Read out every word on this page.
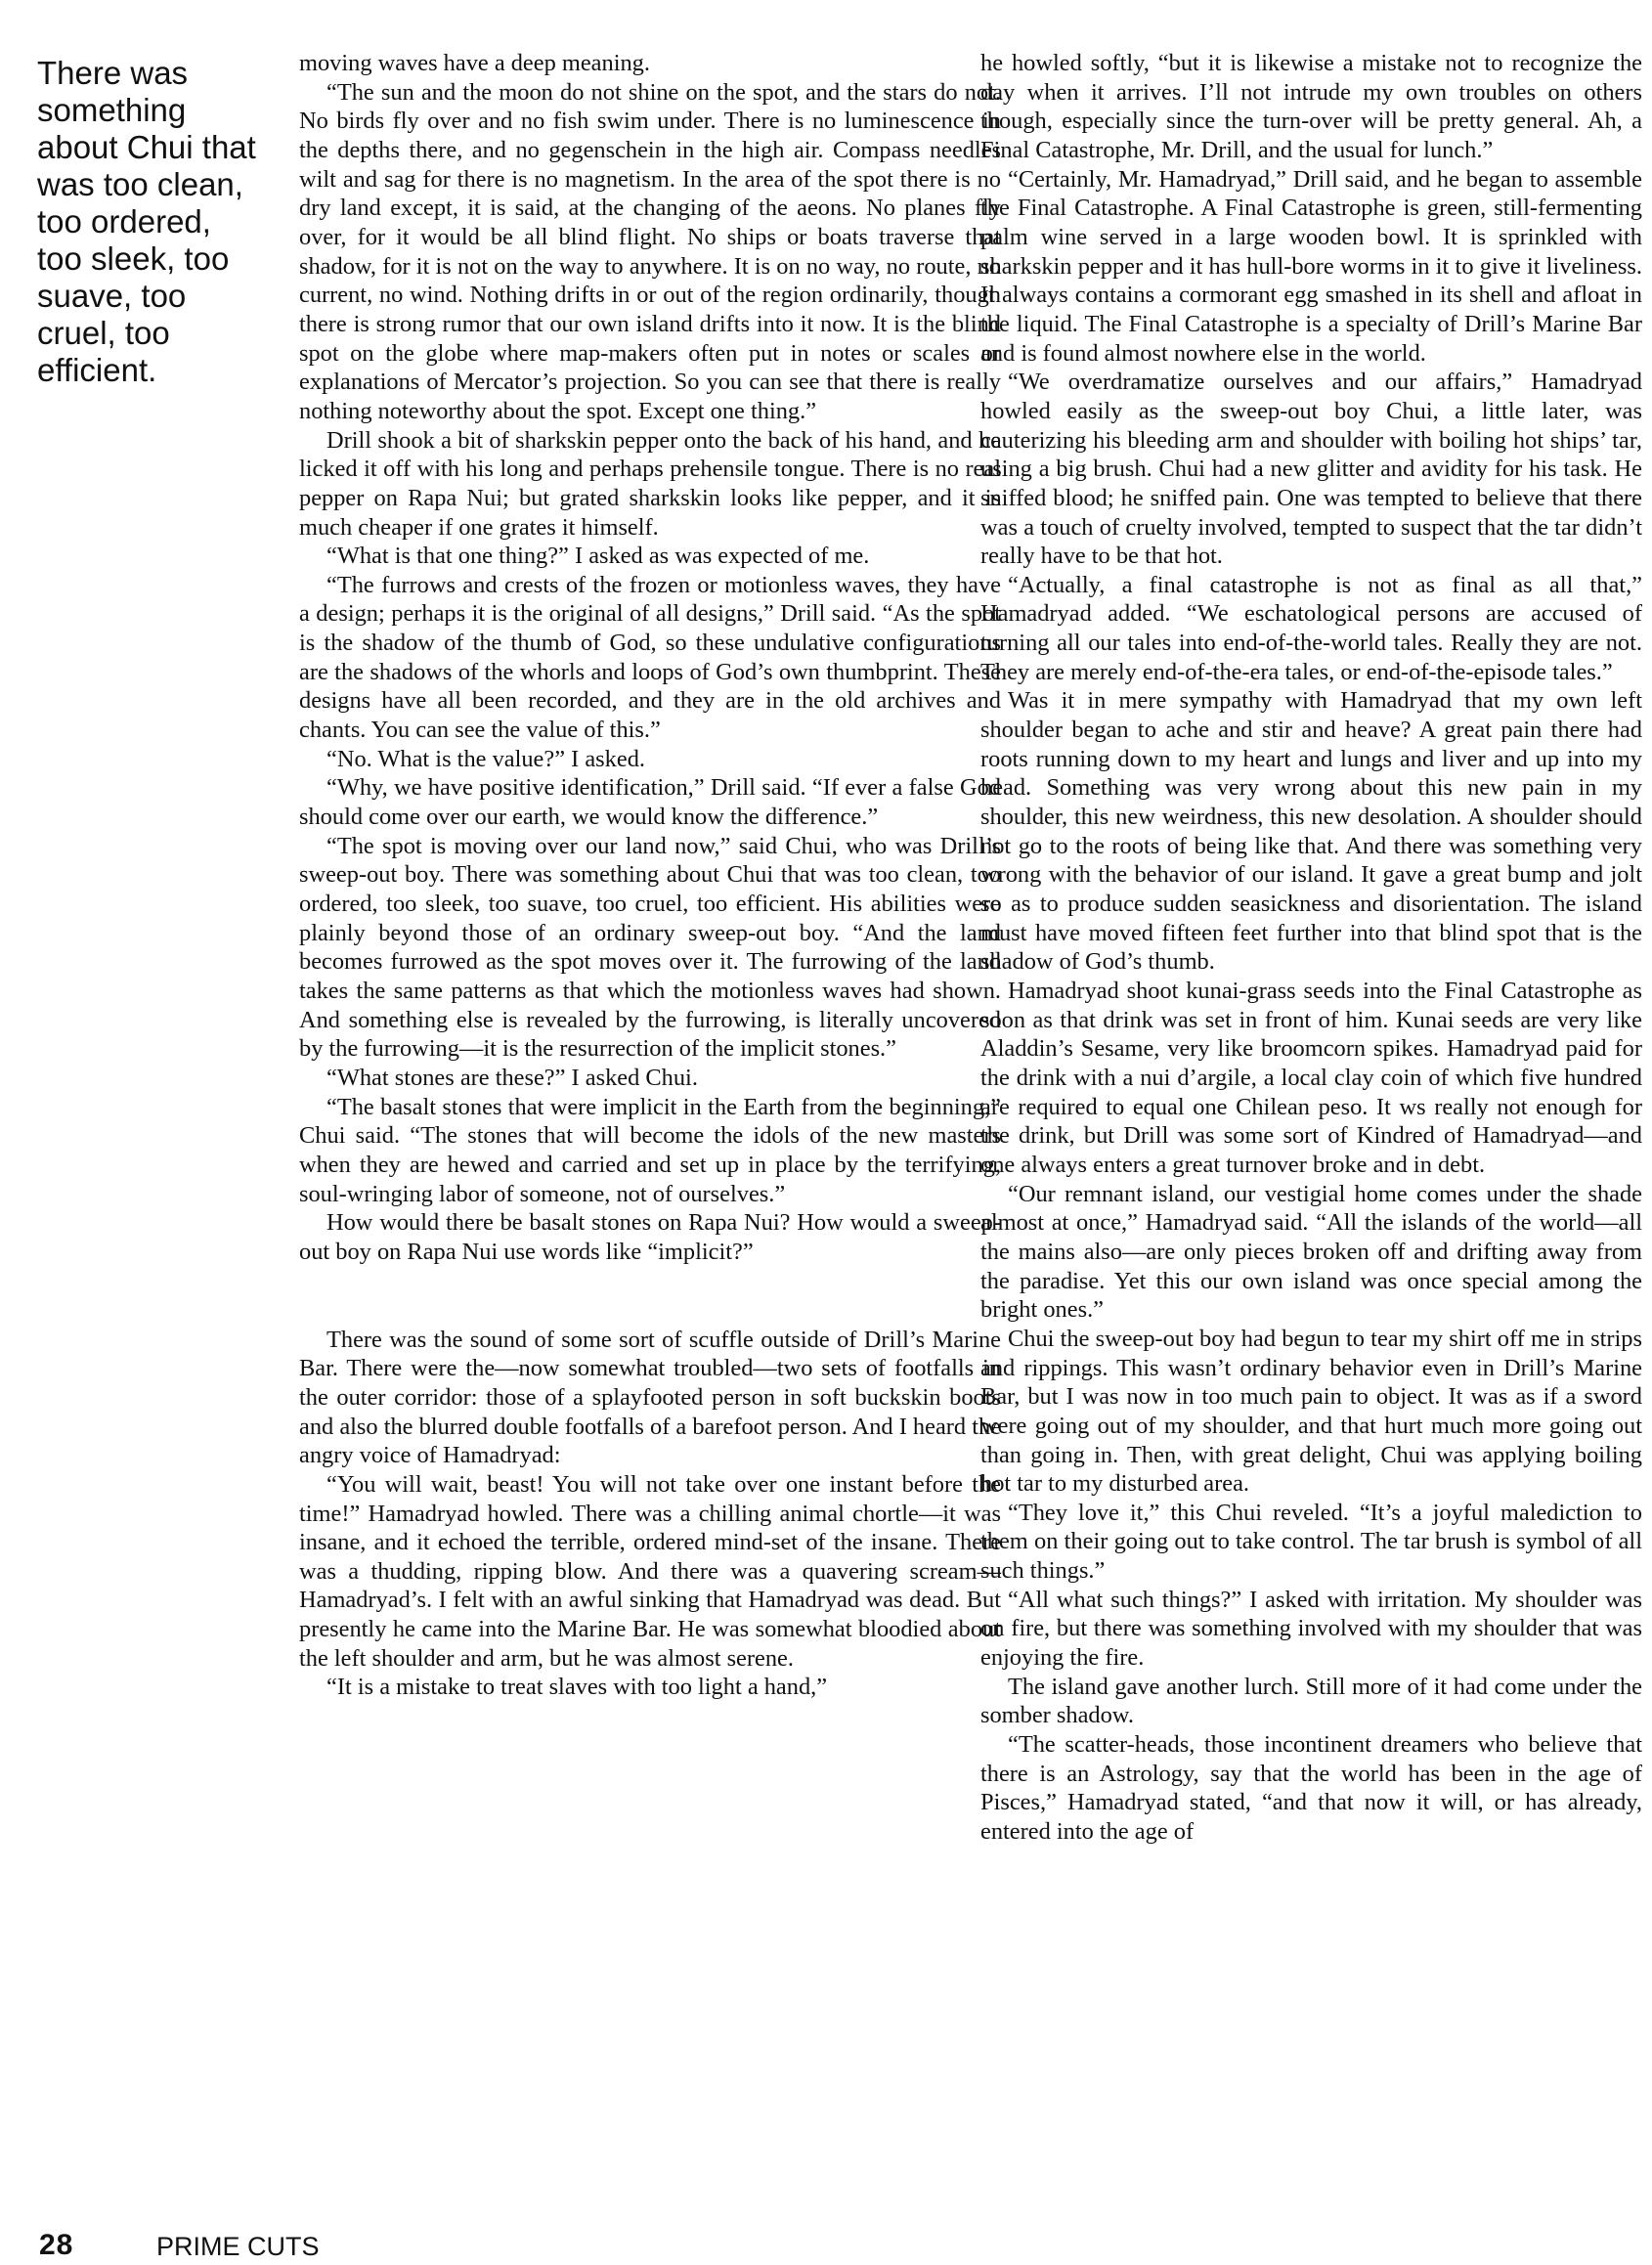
There was something about Chui that was too clean, too ordered, too sleek, too suave, too cruel, too efficient.

moving waves have a deep meaning.

“The sun and the moon do not shine on the spot, and the stars do not. No birds fly over and no fish swim under. There is no luminescence in the depths there, and no gegenschein in the high air. Compass needles wilt and sag for there is no magnetism. In the area of the spot there is no dry land except, it is said, at the changing of the aeons. No planes fly over, for it would be all blind flight. No ships or boats traverse that shadow, for it is not on the way to anywhere. It is on no way, no route, no current, no wind. Nothing drifts in or out of the region ordinarily, though there is strong rumor that our own island drifts into it now. It is the blind spot on the globe where map-makers often put in notes or scales or explanations of Mercator’s projection. So you can see that there is really nothing noteworthy about the spot. Except one thing.”

Drill shook a bit of sharkskin pepper onto the back of his hand, and he licked it off with his long and perhaps prehensile tongue. There is no real pepper on Rapa Nui; but grated sharkskin looks like pepper, and it is much cheaper if one grates it himself.

“What is that one thing?” I asked as was expected of me.

“The furrows and crests of the frozen or motionless waves, they have a design; perhaps it is the original of all designs,” Drill said. “As the spot is the shadow of the thumb of God, so these undulative configurations are the shadows of the whorls and loops of God’s own thumbprint. These designs have all been recorded, and they are in the old archives and chants. You can see the value of this.”

“No. What is the value?” I asked.

“Why, we have positive identification,” Drill said. “If ever a false God should come over our earth, we would know the difference.”

“The spot is moving over our land now,” said Chui, who was Drill’s sweep-out boy. There was something about Chui that was too clean, too ordered, too sleek, too suave, too cruel, too efficient. His abilities were plainly beyond those of an ordinary sweep-out boy. “And the land becomes furrowed as the spot moves over it. The furrowing of the land takes the same patterns as that which the motionless waves had shown. And something else is revealed by the furrowing, is literally uncovered by the furrowing—it is the resurrection of the implicit stones.”

“What stones are these?” I asked Chui.

“The basalt stones that were implicit in the Earth from the beginning,” Chui said. “The stones that will become the idols of the new masters when they are hewed and carried and set up in place by the terrifying, soul-wringing labor of someone, not of ourselves.”

How would there be basalt stones on Rapa Nui? How would a sweep-out boy on Rapa Nui use words like “implicit?”

There was the sound of some sort of scuffle outside of Drill’s Marine Bar. There were the—now somewhat troubled—two sets of footfalls in the outer corridor: those of a splayfooted person in soft buckskin boots and also the blurred double footfalls of a barefoot person. And I heard the angry voice of Hamadryad:

“You will wait, beast! You will not take over one instant before the time!” Hamadryad howled. There was a chilling animal chortle—it was insane, and it echoed the terrible, ordered mind-set of the insane. There was a thudding, ripping blow. And there was a quavering scream—Hamadryad’s. I felt with an awful sinking that Hamadryad was dead. But presently he came into the Marine Bar. He was somewhat bloodied about the left shoulder and arm, but he was almost serene.

“It is a mistake to treat slaves with too light a hand,”

he howled softly, “but it is likewise a mistake not to recognize the day when it arrives. I’ll not intrude my own troubles on others though, especially since the turn-over will be pretty general. Ah, a Final Catastrophe, Mr. Drill, and the usual for lunch.”

“Certainly, Mr. Hamadryad,” Drill said, and he began to assemble the Final Catastrophe. A Final Catastrophe is green, still-fermenting palm wine served in a large wooden bowl. It is sprinkled with sharkskin pepper and it has hull-bore worms in it to give it liveliness. It always contains a cormorant egg smashed in its shell and afloat in the liquid. The Final Catastrophe is a specialty of Drill’s Marine Bar and is found almost nowhere else in the world.

“We overdramatize ourselves and our affairs,” Hamadryad howled easily as the sweep-out boy Chui, a little later, was cauterizing his bleeding arm and shoulder with boiling hot ships’ tar, using a big brush. Chui had a new glitter and avidity for his task. He sniffed blood; he sniffed pain. One was tempted to believe that there was a touch of cruelty involved, tempted to suspect that the tar didn’t really have to be that hot.

“Actually, a final catastrophe is not as final as all that,” Hamadryad added. “We eschatological persons are accused of turning all our tales into end-of-the-world tales. Really they are not. They are merely end-of-the-era tales, or end-of-the-episode tales.”

Was it in mere sympathy with Hamadryad that my own left shoulder began to ache and stir and heave? A great pain there had roots running down to my heart and lungs and liver and up into my head. Something was very wrong about this new pain in my shoulder, this new weirdness, this new desolation. A shoulder should not go to the roots of being like that. And there was something very wrong with the behavior of our island. It gave a great bump and jolt so as to produce sudden seasickness and disorientation. The island must have moved fifteen feet further into that blind spot that is the shadow of God’s thumb.

Hamadryad shoot kunai-grass seeds into the Final Catastrophe as soon as that drink was set in front of him. Kunai seeds are very like Aladdin’s Sesame, very like broomcorn spikes. Hamadryad paid for the drink with a nui d’argile, a local clay coin of which five hundred are required to equal one Chilean peso. It ws really not enough for the drink, but Drill was some sort of Kindred of Hamadryad—and one always enters a great turnover broke and in debt.

“Our remnant island, our vestigial home comes under the shade almost at once,” Hamadryad said. “All the islands of the world—all the mains also—are only pieces broken off and drifting away from the paradise. Yet this our own island was once special among the bright ones.”

Chui the sweep-out boy had begun to tear my shirt off me in strips and rippings. This wasn’t ordinary behavior even in Drill’s Marine Bar, but I was now in too much pain to object. It was as if a sword were going out of my shoulder, and that hurt much more going out than going in. Then, with great delight, Chui was applying boiling hot tar to my disturbed area.

“They love it,” this Chui reveled. “It’s a joyful malediction to them on their going out to take control. The tar brush is symbol of all such things.”

“All what such things?” I asked with irritation. My shoulder was on fire, but there was something involved with my shoulder that was enjoying the fire.

The island gave another lurch. Still more of it had come under the somber shadow.

“The scatter-heads, those incontinent dreamers who believe that there is an Astrology, say that the world has been in the age of Pisces,” Hamadryad stated, “and that now it will, or has already, entered into the age of

28	PRIME CUTS
